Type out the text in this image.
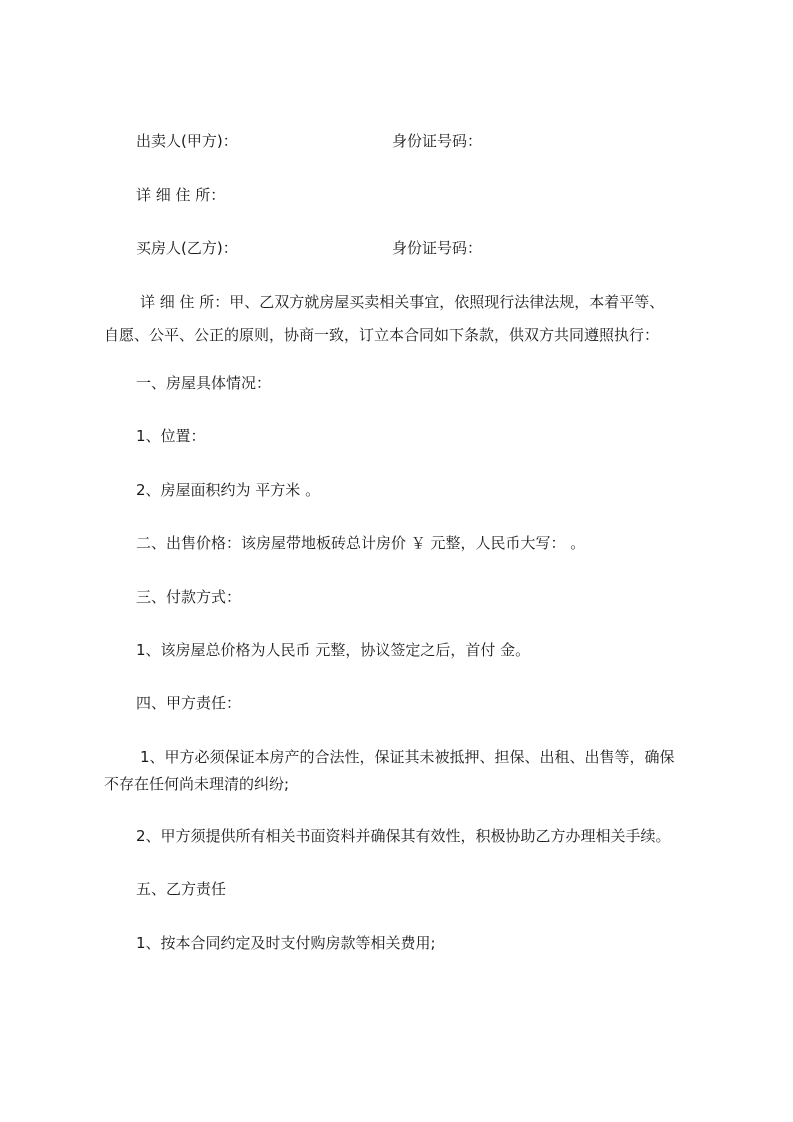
出卖人(甲方)：	身份证号码：
详 细 住 所：
买房人(乙方)：	身份证号码：
详 细 住 所：甲、乙双方就房屋买卖相关事宜，依照现行法律法规，本着平等、
自愿、公平、公正的原则，协商一致，订立本合同如下条款，供双方共同遵照执行：
一、房屋具体情况：
1、位置：
2、房屋面积约为 平方米 。
二、出售价格：该房屋带地板砖总计房价 ￥ 元整，人民币大写： 。
三、付款方式：
1、该房屋总价格为人民币 元整，协议签定之后，首付 金。
四、甲方责任：
1、甲方必须保证本房产的合法性，保证其未被抵押、担保、出租、出售等，确保
不存在任何尚未理清的纠纷;
2、甲方须提供所有相关书面资料并确保其有效性，积极协助乙方办理相关手续。
五、乙方责任
1、按本合同约定及时支付购房款等相关费用;
